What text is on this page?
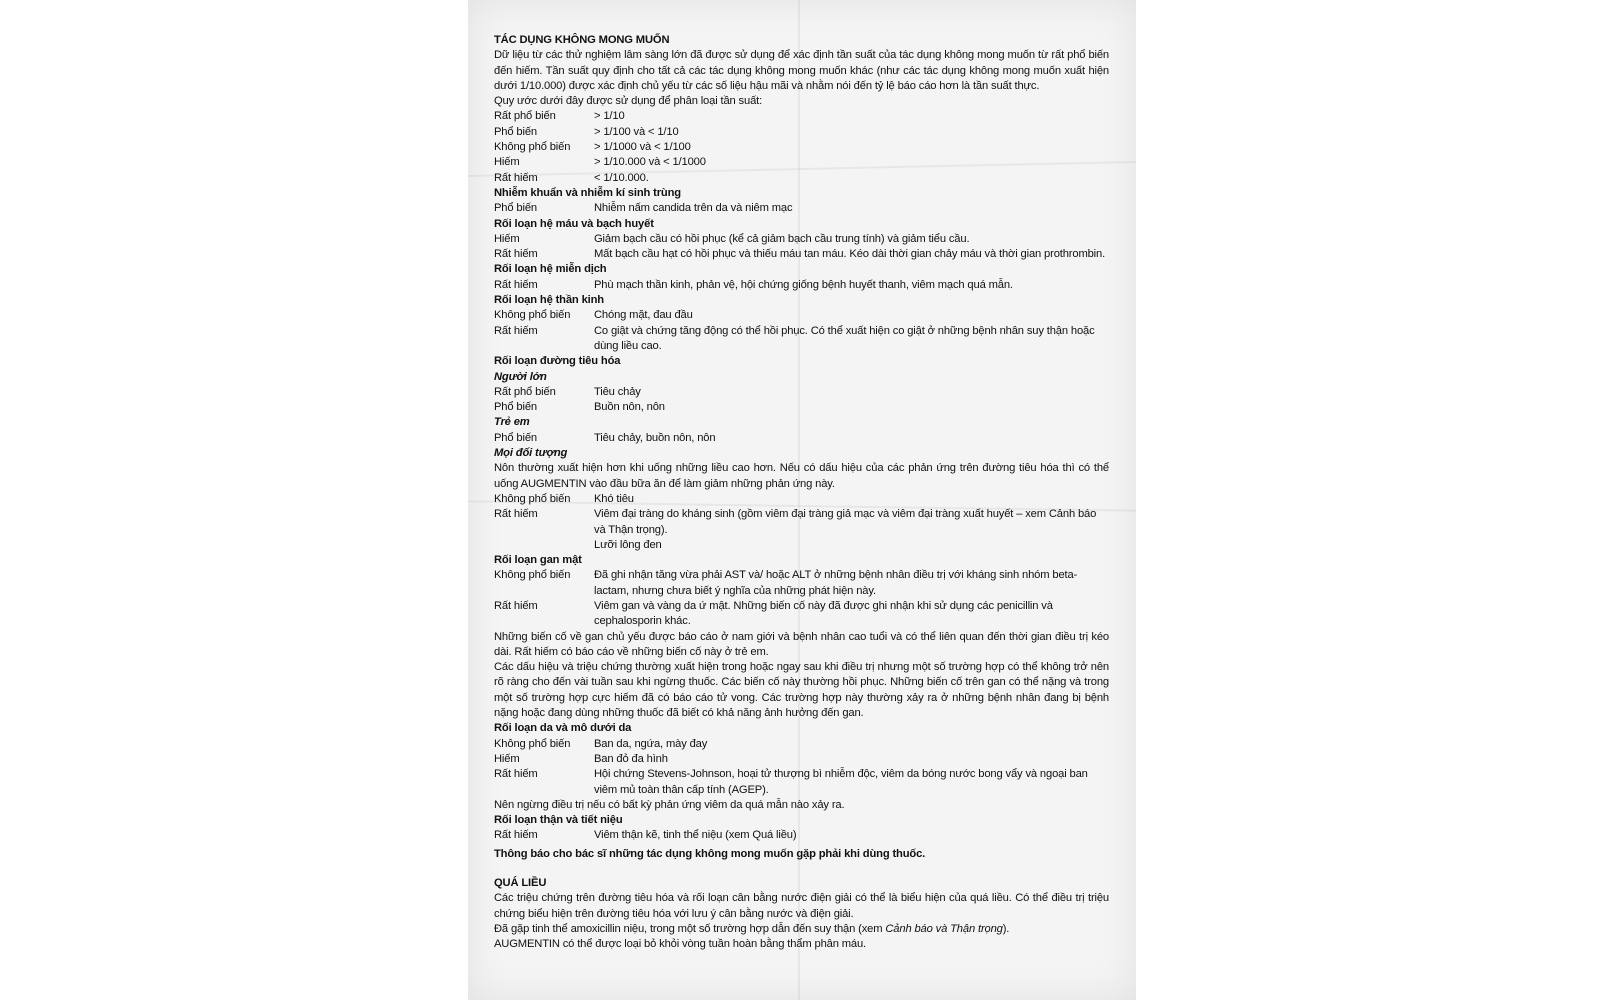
TÁC DỤNG KHÔNG MONG MUỐN
Dữ liệu từ các thử nghiệm lâm sàng lớn đã được sử dụng để xác định tần suất của tác dụng không mong muốn từ rất phổ biến đến hiếm. Tần suất quy định cho tất cả các tác dụng không mong muốn khác (như các tác dụng không mong muốn xuất hiện dưới 1/10.000) được xác định chủ yếu từ các số liệu hậu mãi và nhằm nói đến tỷ lệ báo cáo hơn là tần suất thực.
Quy ước dưới đây được sử dụng để phân loại tần suất:
Rất phổ biến	> 1/10
Phổ biến	> 1/100 và < 1/10
Không phổ biến	> 1/1000 và < 1/100
Hiếm	> 1/10.000 và < 1/1000
Rất hiếm	< 1/10.000.
Nhiễm khuẩn và nhiễm kí sinh trùng
Phổ biến	Nhiễm nấm candida trên da và niêm mạc
Rối loạn hệ máu và bạch huyết
Hiếm	Giảm bạch cầu có hồi phục (kể cả giảm bạch cầu trung tính) và giảm tiểu cầu.
Rất hiếm	Mất bạch cầu hạt có hồi phục và thiếu máu tan máu. Kéo dài thời gian chảy máu và thời gian prothrombin.
Rối loạn hệ miễn dịch
Rất hiếm	Phù mạch thần kinh, phản vệ, hội chứng giống bệnh huyết thanh, viêm mạch quá mẫn.
Rối loạn hệ thần kinh
Không phổ biến	Chóng mặt, đau đầu
Rất hiếm	Co giật và chứng tăng động có thể hồi phục. Có thể xuất hiện co giật ở những bệnh nhân suy thận hoặc dùng liều cao.
Rối loạn đường tiêu hóa
Người lớn
Rất phổ biến	Tiêu chảy
Phổ biến	Buồn nôn, nôn
Trẻ em
Phổ biến	Tiêu chảy, buồn nôn, nôn
Mọi đối tượng
Nôn thường xuất hiện hơn khi uống những liều cao hơn. Nếu có dấu hiệu của các phản ứng trên đường tiêu hóa thì có thể uống AUGMENTIN vào đầu bữa ăn để làm giảm những phản ứng này.
Không phổ biến	Khó tiêu
Rất hiếm	Viêm đại tràng do kháng sinh (gồm viêm đại tràng giả mạc và viêm đại tràng xuất huyết – xem Cảnh báo và Thận trọng).
Lưỡi lông đen
Rối loạn gan mật
Không phổ biến	Đã ghi nhận tăng vừa phải AST và/ hoặc ALT ở những bệnh nhân điều trị với kháng sinh nhóm beta-lactam, nhưng chưa biết ý nghĩa của những phát hiện này.
Rất hiếm	Viêm gan và vàng da ứ mật. Những biến cố này đã được ghi nhận khi sử dụng các penicillin và cephalosporin khác.
Những biến cố về gan chủ yếu được báo cáo ở nam giới và bệnh nhân cao tuổi và có thể liên quan đến thời gian điều trị kéo dài. Rất hiếm có báo cáo về những biến cố này ở trẻ em.
Các dấu hiệu và triệu chứng thường xuất hiện trong hoặc ngay sau khi điều trị nhưng một số trường hợp có thể không trở nên rõ ràng cho đến vài tuần sau khi ngừng thuốc. Các biến cố này thường hồi phục. Những biến cố trên gan có thể nặng và trong một số trường hợp cực hiếm đã có báo cáo tử vong. Các trường hợp này thường xảy ra ở những bệnh nhân đang bị bệnh nặng hoặc đang dùng những thuốc đã biết có khả năng ảnh hưởng đến gan.
Rối loạn da và mô dưới da
Không phổ biến	Ban da, ngứa, mày đay
Hiếm	Ban đỏ đa hình
Rất hiếm	Hội chứng Stevens-Johnson, hoại tử thượng bì nhiễm độc, viêm da bóng nước bong vẩy và ngoại ban viêm mủ toàn thân cấp tính (AGEP).
Nên ngừng điều trị nếu có bất kỳ phản ứng viêm da quá mẫn nào xảy ra.
Rối loạn thận và tiết niệu
Rất hiếm	Viêm thận kẽ, tinh thể niệu (xem Quá liều)
Thông báo cho bác sĩ những tác dụng không mong muốn gặp phải khi dùng thuốc.
QUÁ LIỀU
Các triệu chứng trên đường tiêu hóa và rối loạn cân bằng nước điện giải có thể là biểu hiện của quá liều. Có thể điều trị triệu chứng biểu hiện trên đường tiêu hóa với lưu ý cân bằng nước và điện giải.
Đã gặp tinh thể amoxicillin niệu, trong một số trường hợp dẫn đến suy thận (xem Cảnh báo và Thận trọng).
AUGMENTIN có thể được loại bỏ khỏi vòng tuần hoàn bằng thẩm phân máu.
